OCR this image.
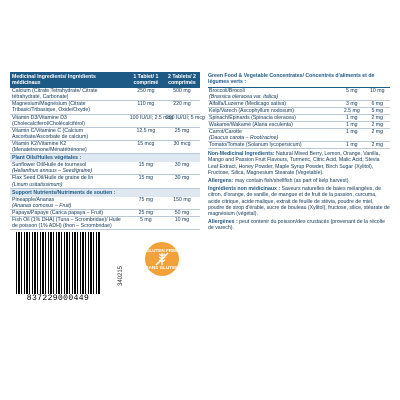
Medicinal Ingredients/ Ingrédients médicinaux	1 Tablet/ 1 comprimé	2 Tablets/ 2 comprimés
Calcium (Citrate Tetrahydrate/ Citrate tétrahydraté, Carbonate)	250 mg	500 mg
Magnesium/Magnésium (Citrate Tribasic/Tribasique, Oxide/Oxyde)	110 mg	220 mg
Vitamin D3/Vitamine D3 (Cholecalciferol/Cholécalciférol)	100 IU/UI; 2.5 mcg	200 IU/UI; 5 mcg
Vitamin C/Vitamine C (Calcium Ascorbate/Ascorbate de calcium)	12.5 mg	25 mg
Vitamin K2/Vitamine K2 (Menatetrenone/Ménatétrénone)	15 mcg	30 mcg
Plant Oils/Huiles végétales :		

Sunflower Oil/Huile de tournesol
(Helianthus annuus – Seed/graine)	15 mg	30 mg

Flax Seed Oil/Huile de graine de lin
(Linum usitatissimum)	15 mg	30 mg
Support Nutrients/Nutriments de soutien :		

Pineapple/Ananas
(Ananas comosus – Fruit)	75 mg	150 mg
Papaya/Papaye (Carica papaya – Fruit)	25 mg	50 mg
Fish Oil (1% DHA) (Tuna – Scrombridae)/ Huile de poisson (1% ADH) (thon – Scrombridae)	5 mg	10 mg
837229000449
340215
GLUTEN FREE
SANS GLUTEN
Green Food & Vegetable Concentrates/ Concentrés d'aliments et de légumes verts :
Broccoli/Brocoli
(Brassica oleracea var. italica)	5 mg	10 mg
Alfalfa/Luzerne (Medicago sativa)	3 mg	6 mg
Kelp/Varech (Ascophyllum nodosum)	2.5 mg	5 mg
Spinach/Épinards (Spinacia oleracea)	1 mg	2 mg
Wakame/Wakamé (Alaria esculenta)	1 mg	2 mg

Carrot/Carotte
(Daucus carota – Root/racine)	1 mg	2 mg
Tomato/Tomate (Solanum lycopersicum)	1 mg	2 mg

Non-Medicinal Ingredients: Natural Mixed Berry, Lemon, Orange, Vanilla, Mango and Passion Fruit Flavours, Turmeric, Citric Acid, Malic Acid, Stevia Leaf Extract, Honey Powder, Maple Syrup Powder, Birch Sugar (Xylitol), Fructose, Silica, Magnesium Stearate (Vegetable).

Allergens: may contain fish/shellfish (as part of kelp harvest).

Ingrédients non médicinaux : Saveurs naturelles de baies mélangées, de citron, d'orange, de vanille, de mangue et de fruit de la passion, curcuma, acide citrique, acide malique, extrait de feuille de stévia, poudre de miel, poudre de sirop d'érable, sucre de bouleau (Xylitol), fructose, silice, stéarate de magnésium (végétal).

Allergènes : peut contenir du poisson/des crustacés (provenant de la récolte de varech).
